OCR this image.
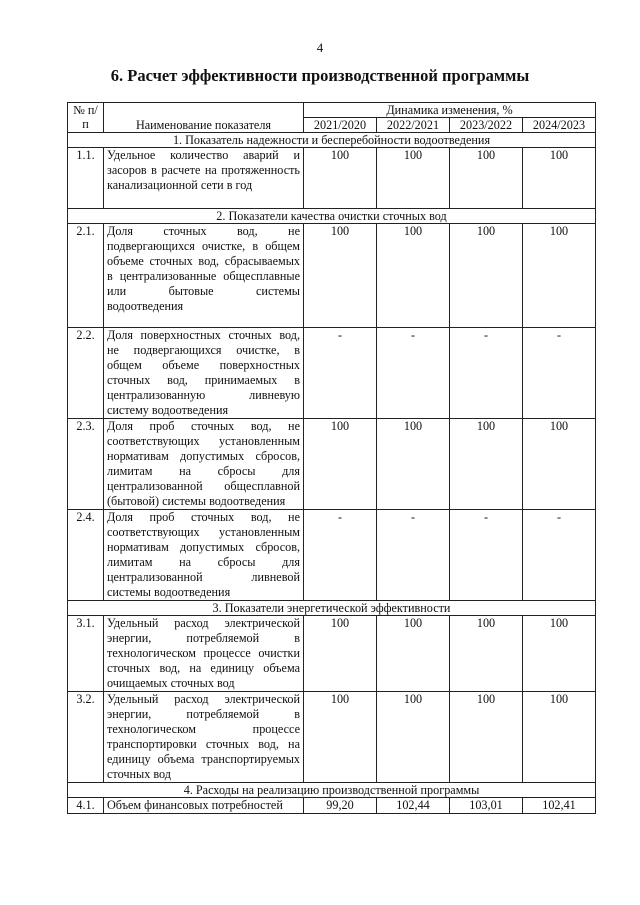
4
6. Расчет эффективности производственной программы
№ п/п	Наименование показателя	Динамика изменения, %			
		2021/2020	2022/2021	2023/2022	2024/2023
1. Показатель надежности и бесперебойности водоотведения					
1.1.	Удельное количество аварий и засоров в расчете на протяженность канализационной сети в год	100	100	100	100
2. Показатели качества очистки сточных вод					
2.1.	Доля сточных вод, не подвергающихся очистке, в общем объеме сточных вод, сбрасываемых в централизованные общесплавные или бытовые системы водоотведения	100	100	100	100
2.2.	Доля поверхностных сточных вод, не подвергающихся очистке, в общем объеме поверхностных сточных вод, принимаемых в централизованную ливневую систему водоотведения	-	-	-	-
2.3.	Доля проб сточных вод, не соответствующих установленным нормативам допустимых сбросов, лимитам на сбросы для централизованной общесплавной (бытовой) системы водоотведения	100	100	100	100
2.4.	Доля проб сточных вод, не соответствующих установленным нормативам допустимых сбросов, лимитам на сбросы для централизованной ливневой системы водоотведения	-	-	-	-
3. Показатели энергетической эффективности					
3.1.	Удельный расход электрической энергии, потребляемой в технологическом процессе очистки сточных вод, на единицу объема очищаемых сточных вод	100	100	100	100
3.2.	Удельный расход электрической энергии, потребляемой в технологическом процессе транспортировки сточных вод, на единицу объема транспортируемых сточных вод	100	100	100	100
4. Расходы на реализацию производственной программы					
4.1.	Объем финансовых потребностей	99,20	102,44	103,01	102,41
